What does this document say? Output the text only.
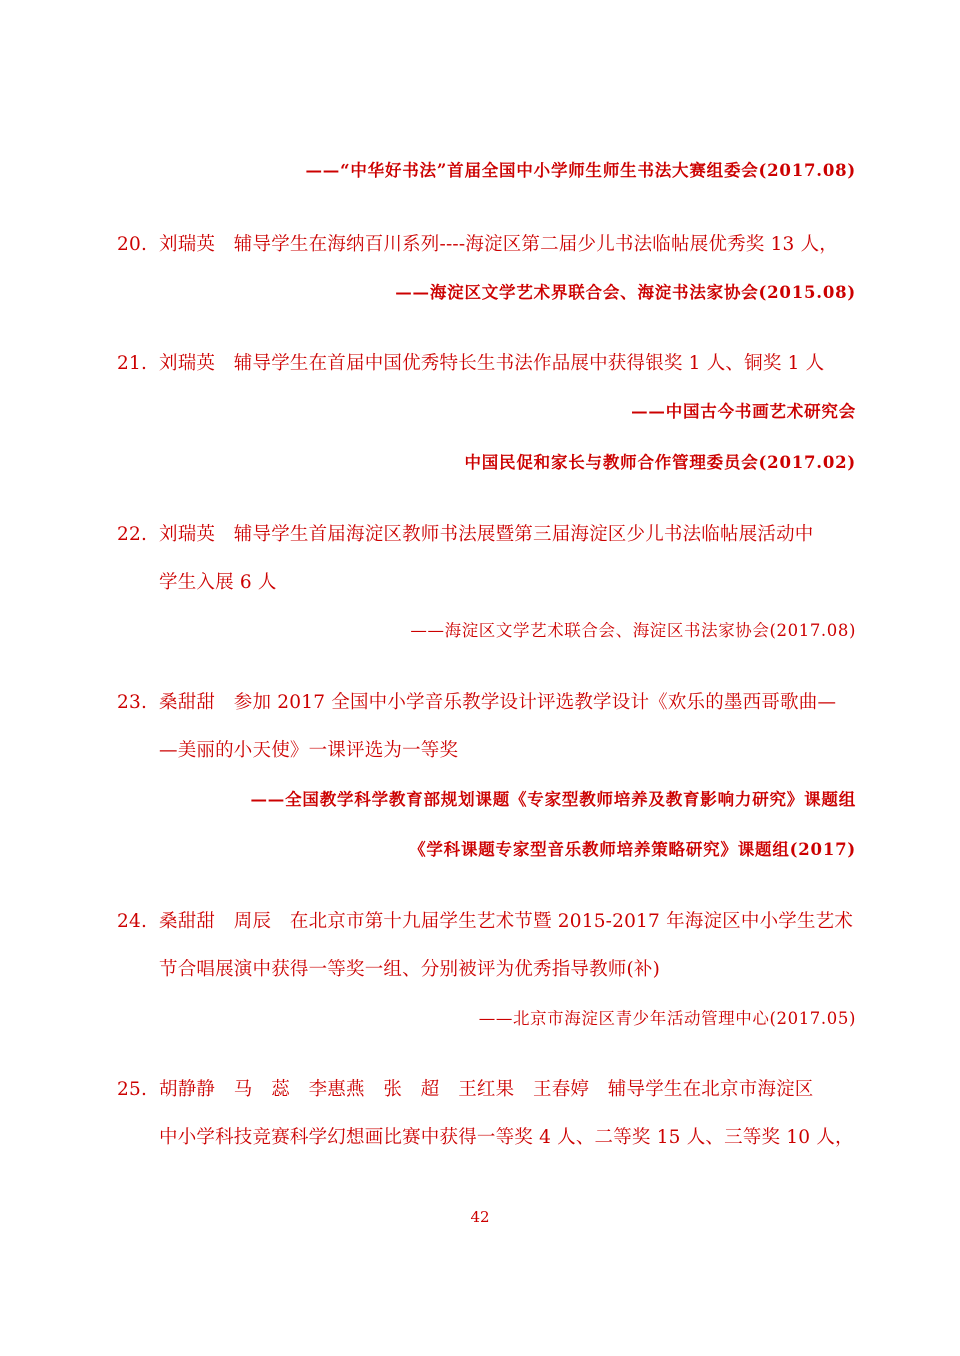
——“中华好书法”首届全国中小学师生师生书法大赛组委会(2017.08)
20. 刘瑞英　辅导学生在海纳百川系列----海淀区第二届少儿书法临帖展优秀奖 13 人，
——海淀区文学艺术界联合会、海淀书法家协会(2015.08)
21. 刘瑞英　辅导学生在首届中国优秀特长生书法作品展中获得银奖 1 人、铜奖 1 人
——中国古今书画艺术研究会
中国民促和家长与教师合作管理委员会(2017.02)
22. 刘瑞英　辅导学生首届海淀区教师书法展暨第三届海淀区少儿书法临帖展活动中
学生入展 6 人
——海淀区文学艺术联合会、海淀区书法家协会(2017.08)
23. 桑甜甜　参加 2017 全国中小学音乐教学设计评选教学设计《欢乐的墨西哥歌曲—
—美丽的小天使》一课评选为一等奖
——全国教学科学教育部规划课题《专家型教师培养及教育影响力研究》课题组
《学科课题专家型音乐教师培养策略研究》课题组(2017)
24. 桑甜甜　周辰　在北京市第十九届学生艺术节暨 2015-2017 年海淀区中小学生艺术
节合唱展演中获得一等奖一组、分别被评为优秀指导教师(补)
——北京市海淀区青少年活动管理中心(2017.05)
25. 胡静静　马　蕊　李惠燕　张　超　王红果　王春婷　辅导学生在北京市海淀区
中小学科技竞赛科学幻想画比赛中获得一等奖 4 人、二等奖 15 人、三等奖 10 人，
42
